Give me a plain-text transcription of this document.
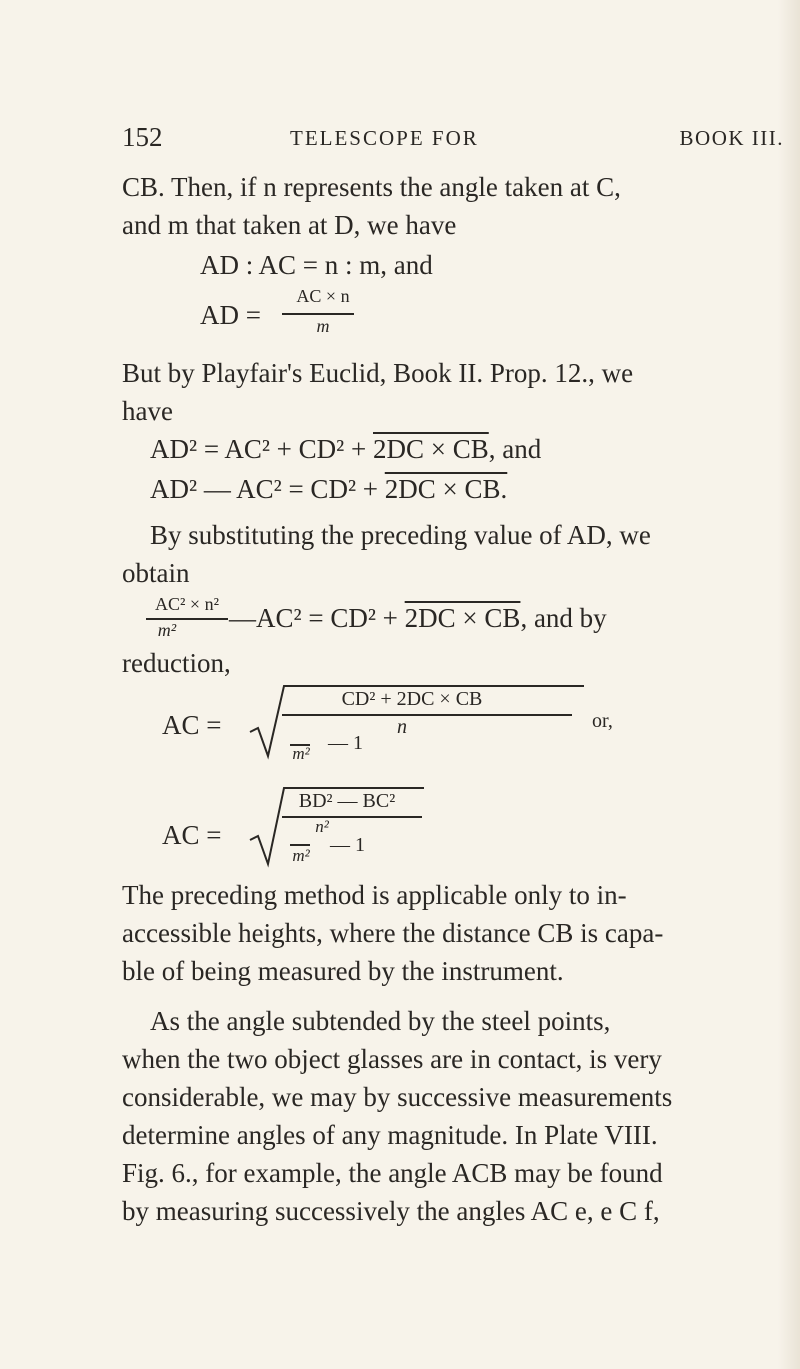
152	TELESCOPE FOR	BOOK III.
CB. Then, if n represents the angle taken at C,
and m that taken at D, we have
AD : AC = n : m, and
AD =
AC × n
m
But by Playfair's Euclid, Book II. Prop. 12., we
have
AD² = AC² + CD² + 2DC × CB, and
AD² — AC² = CD² + 2DC × CB.
By substituting the preceding value of AD, we
obtain
AC² × n²
m²	—AC² = CD² + 2DC × CB, and by
reduction,
AC =
CD² + 2DC × CB
n
m² — 1
or,
AC =
BD² — BC²
n²
m²	— 1
The preceding method is applicable only to in-
accessible heights, where the distance CB is capa-
ble of being measured by the instrument.
As the angle subtended by the steel points,
when the two object glasses are in contact, is very
considerable, we may by successive measurements
determine angles of any magnitude. In Plate VIII.
Fig. 6., for example, the angle ACB may be found
by measuring successively the angles AC e, e C f,
